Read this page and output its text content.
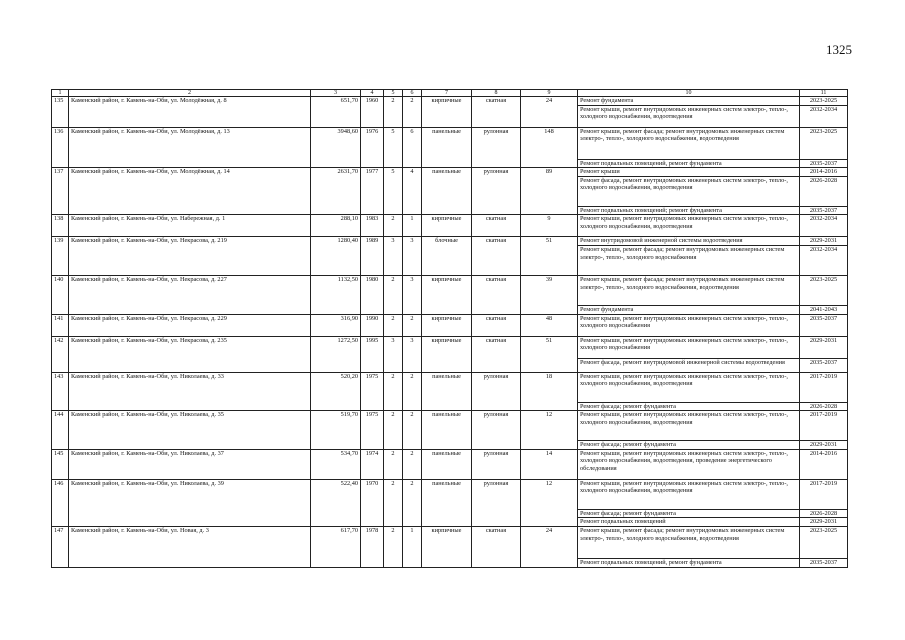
1325
1	2	3	4	5	6	7	8	9	10	11
135	Каменский район, г. Камень-на-Оби, ул. Молодёжная, д. 8	651,70	1960	2	2	кирпичные	скатная	24	Ремонт фундамента	2023-2025
									Ремонт крыши, ремонт внутридомовых инженерных систем электро-, тепло-, холодного водоснабжения, водоотведения	2032-2034
136	Каменский район, г. Камень-на-Оби, ул. Молодёжная, д. 13	3948,60	1976	5	6	панельные	рулонная	148	Ремонт крыши, ремонт фасада; ремонт внутридомовых инженерных систем электро-, тепло-, холодного водоснабжения, водоотведения	2023-2025
									Ремонт подвальных помещений, ремонт фундамента	2035-2037
137	Каменский район, г. Камень-на-Оби, ул. Молодёжная, д. 14	2631,70	1977	5	4	панельные	рулонная	89	Ремонт крыши	2014-2016
									Ремонт фасада, ремонт внутридомовых инженерных систем электро-, тепло-, холодного водоснабжения, водоотведения	2026-2028
									Ремонт подвальных помещений; ремонт фундамента	2035-2037
138	Каменский район, г. Камень-на-Оби, ул. Набережная, д. 1	288,10	1983	2	1	кирпичные	скатная	9	Ремонт крыши, ремонт внутридомовых инженерных систем электро-, тепло-, холодного водоснабжения, водоотведения	2032-2034
139	Каменский район, г. Камень-на-Оби, ул. Некрасова, д. 219	1280,40	1989	3	3	блочные	скатная	51	Ремонт внутридомовой инженерной системы водоотведения	2029-2031
									Ремонт крыши, ремонт фасада; ремонт внутридомовых инженерных систем электро-, тепло-, холодного водоснабжения	2032-2034
140	Каменский район, г. Камень-на-Оби, ул. Некрасова, д. 227	1132,50	1980	2	3	кирпичные	скатная	39	Ремонт крыши, ремонт фасада; ремонт внутридомовых инженерных систем электро-, тепло-, холодного водоснабжения, водоотведения	2023-2025
									Ремонт фундамента	2041-2043
141	Каменский район, г. Камень-на-Оби, ул. Некрасова, д. 229	316,90	1990	2	2	кирпичные	скатная	48	Ремонт крыши, ремонт внутридомовых инженерных систем электро-, тепло-, холодного водоснабжения	2035-2037
142	Каменский район, г. Камень-на-Оби, ул. Некрасова, д. 235	1272,50	1995	3	3	кирпичные	скатная	51	Ремонт крыши, ремонт внутридомовых инженерных систем электро-, тепло-, холодного водоснабжения	2029-2031
									Ремонт фасада, ремонт внутридомовой инженерной системы водоотведения	2035-2037
143	Каменский район, г. Камень-на-Оби, ул. Николаева, д. 33	520,20	1975	2	2	панельные	рулонная	18	Ремонт крыши, ремонт внутридомовых инженерных систем электро-, тепло-, холодного водоснабжения, водоотведения	2017-2019
									Ремонт фасада; ремонт фундамента	2026-2028
144	Каменский район, г. Камень-на-Оби, ул. Николаева, д. 35	519,70	1975	2	2	панельные	рулонная	12	Ремонт крыши, ремонт внутридомовых инженерных систем электро-, тепло-, холодного водоснабжения, водоотведения	2017-2019
									Ремонт фасада; ремонт фундамента	2029-2031
145	Каменский район, г. Камень-на-Оби, ул. Николаева, д. 37	534,70	1974	2	2	панельные	рулонная	14	Ремонт крыши, ремонт внутридомовых инженерных систем электро-, тепло-, холодного водоснабжения, водоотведения, проведение энергетического обследования	2014-2016
146	Каменский район, г. Камень-на-Оби, ул. Николаева, д. 39	522,40	1970	2	2	панельные	рулонная	12	Ремонт крыши, ремонт внутридомовых инженерных систем электро-, тепло-, холодного водоснабжения, водоотведения	2017-2019
									Ремонт фасада; ремонт фундамента	2026-2028
									Ремонт подвальных помещений	2029-2031
147	Каменский район, г. Камень-на-Оби, ул. Новая, д. 3	617,70	1978	2	1	кирпичные	скатная	24	Ремонт крыши, ремонт фасада; ремонт внутридомовых инженерных систем электро-, тепло-, холодного водоснабжения, водоотведения	2023-2025
									Ремонт подвальных помещений, ремонт фундамента	2035-2037
